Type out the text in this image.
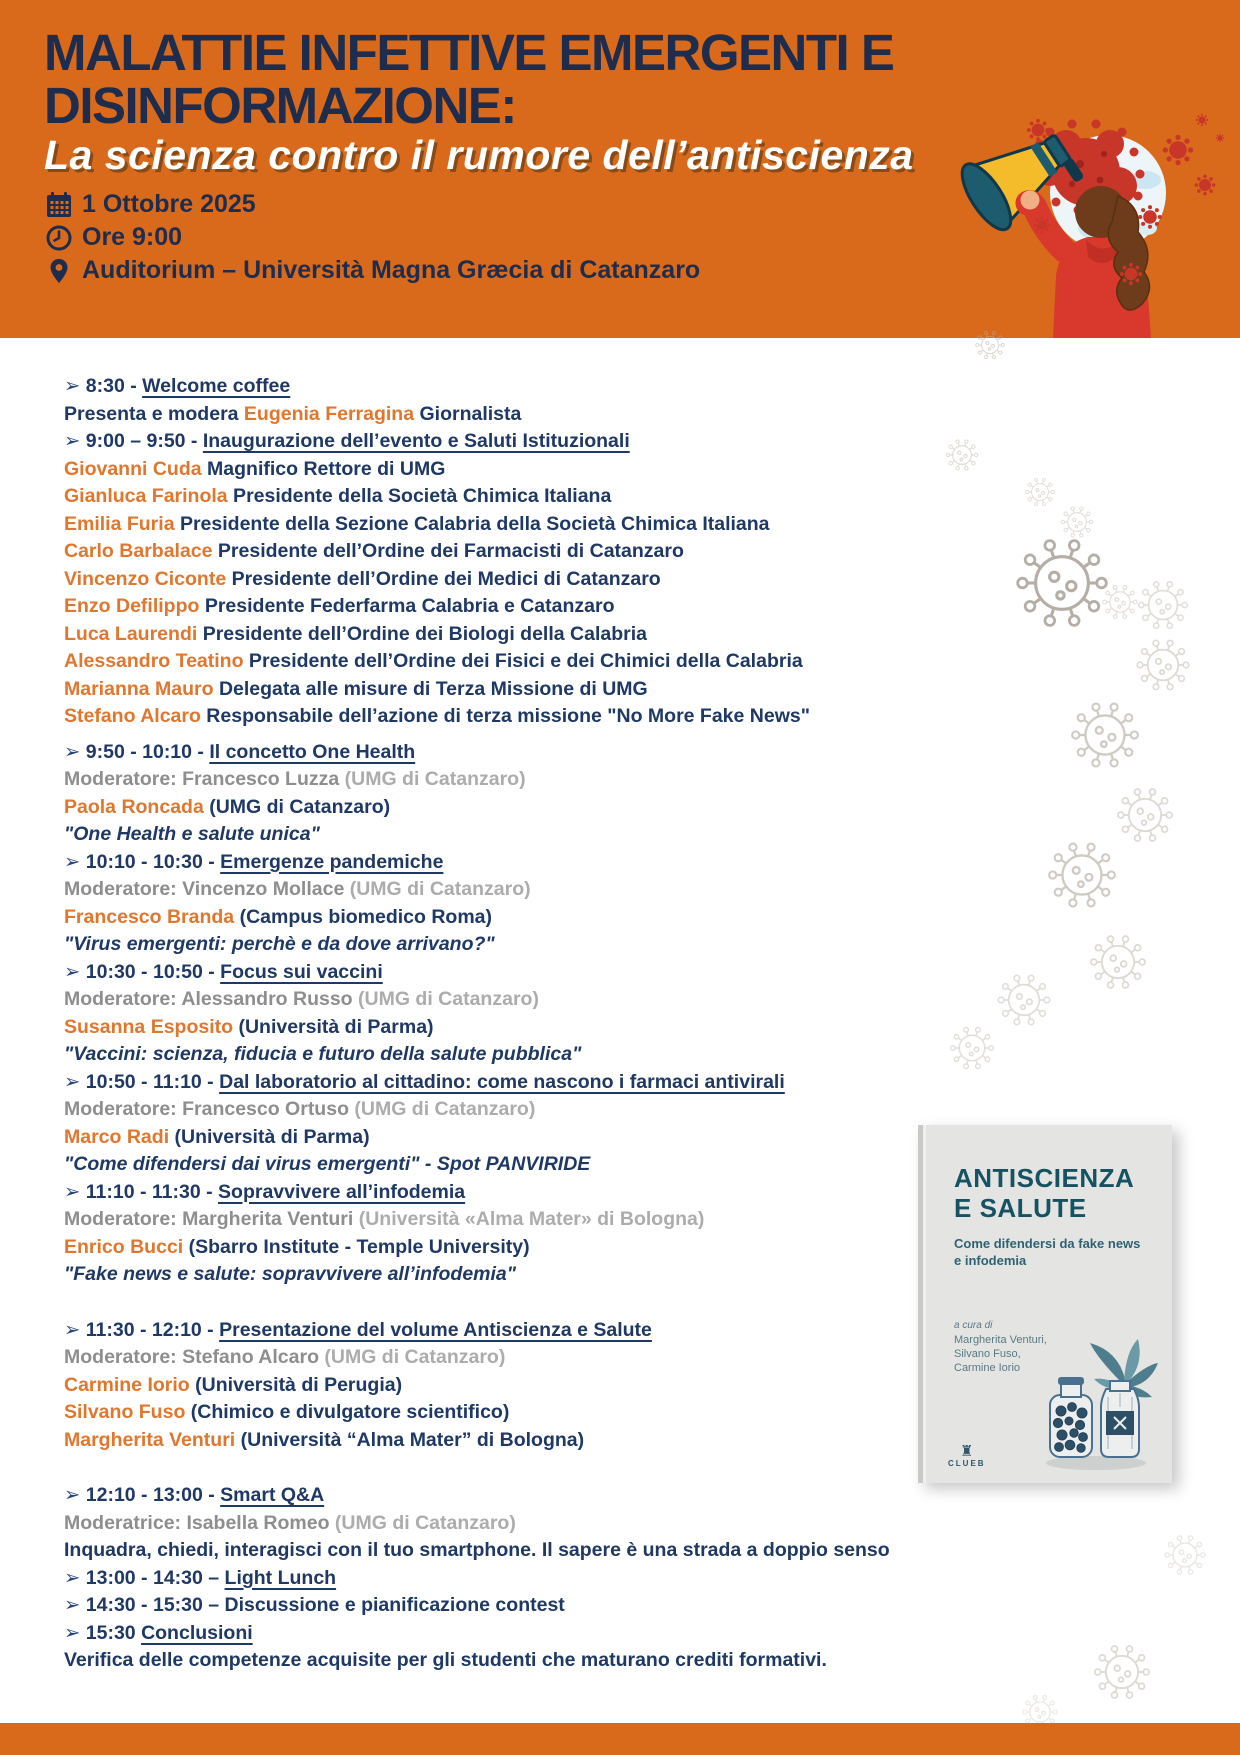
MALATTIE INFETTIVE EMERGENTI E
DISINFORMAZIONE:
La scienza contro il rumore dell’antiscienza
1 Ottobre 2025
Ore 9:00
Auditorium – Università Magna Græcia di Catanzaro
➢ 8:30 - Welcome coffee
Presenta e modera Eugenia Ferragina Giornalista
➢ 9:00 – 9:50 - Inaugurazione dell’evento e Saluti Istituzionali
Giovanni Cuda Magnifico Rettore di UMG
Gianluca Farinola Presidente della Società Chimica Italiana
Emilia Furia Presidente della Sezione Calabria della Società Chimica Italiana
Carlo Barbalace Presidente dell’Ordine dei Farmacisti di Catanzaro
Vincenzo Ciconte Presidente dell’Ordine dei Medici di Catanzaro
Enzo Defilippo Presidente Federfarma Calabria e Catanzaro
Luca Laurendi Presidente dell’Ordine dei Biologi della Calabria
Alessandro Teatino Presidente dell’Ordine dei Fisici e dei Chimici della Calabria
Marianna Mauro Delegata alle misure di Terza Missione di UMG
Stefano Alcaro Responsabile dell’azione di terza missione "No More Fake News"
➢ 9:50 - 10:10 - Il concetto One Health
Moderatore: Francesco Luzza (UMG di Catanzaro)
Paola Roncada (UMG di Catanzaro)
"One Health e salute unica"
➢ 10:10 - 10:30 - Emergenze pandemiche
Moderatore: Vincenzo Mollace (UMG di Catanzaro)
Francesco Branda (Campus biomedico Roma)
"Virus emergenti: perchè e da dove arrivano?"
➢ 10:30 - 10:50 - Focus sui vaccini
Moderatore: Alessandro Russo (UMG di Catanzaro)
Susanna Esposito (Università di Parma)
"Vaccini: scienza, fiducia e futuro della salute pubblica"
➢ 10:50 - 11:10 - Dal laboratorio al cittadino: come nascono i farmaci antivirali
Moderatore: Francesco Ortuso (UMG di Catanzaro)
Marco Radi (Università di Parma)
"Come difendersi dai virus emergenti" - Spot PANVIRIDE
➢ 11:10 - 11:30 - Sopravvivere all’infodemia
Moderatore: Margherita Venturi (Università «Alma Mater» di Bologna)
Enrico Bucci (Sbarro Institute - Temple University)
"Fake news e salute: sopravvivere all’infodemia"
➢ 11:30 - 12:10 - Presentazione del volume Antiscienza e Salute
Moderatore: Stefano Alcaro (UMG di Catanzaro)
Carmine Iorio (Università di Perugia)
Silvano Fuso (Chimico e divulgatore scientifico)
Margherita Venturi (Università “Alma Mater” di Bologna)
➢ 12:10 - 13:00 - Smart Q&A
Moderatrice: Isabella Romeo (UMG di Catanzaro)
Inquadra, chiedi, interagisci con il tuo smartphone. Il sapere è una strada a doppio senso
➢ 13:00 - 14:30 – Light Lunch
➢ 14:30 - 15:30 – Discussione e pianificazione contest
➢ 15:30 Conclusioni
Verifica delle competenze acquisite per gli studenti che maturano crediti formativi.
ANTISCIENZA
E SALUTE
Come difendersi da fake news
e infodemia
a cura di
Margherita Venturi,
Silvano Fuso,
Carmine Iorio
♜
CLUEB
